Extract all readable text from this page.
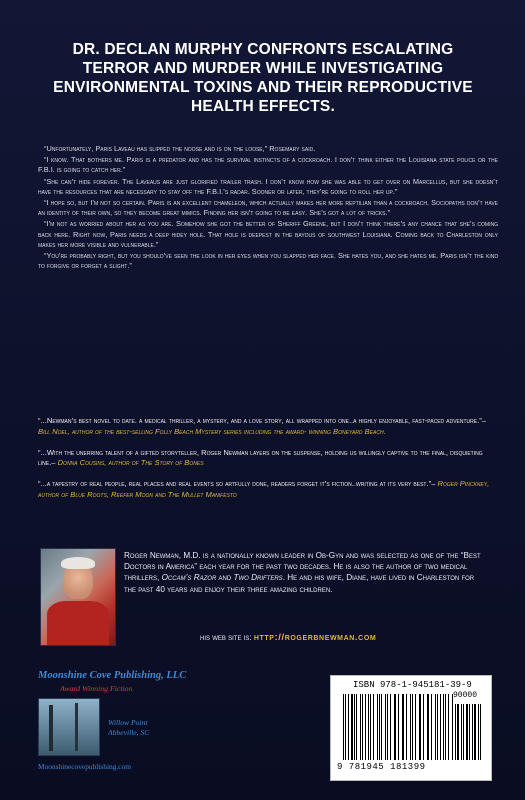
DR. DECLAN MURPHY CONFRONTS ESCALATING TERROR AND MURDER WHILE INVESTIGATING ENVIRONMENTAL TOXINS AND THEIR REPRODUCTIVE HEALTH EFFECTS.

“Unfortunately, Paris Laveau has slipped the noose and is on the loose,” Rosemary said.

“I know. That bothers me. Paris is a predator and has the survival instincts of a cockroach. I don’t think either the Louisiana state police or the F.B.I. is going to catch her.”

“She can’t hide forever. The Laveaus are just glorified trailer trash. I don’t know how she was able to get over on Marcellus, but she doesn’t have the resources that are necessary to stay off the F.B.I.’s radar. Sooner or later, they’re going to roll her up.”

“I hope so, but I’m not so certain. Paris is an excellent chameleon, which actually makes her more reptilian than a cockroach. Sociopaths don’t have an identity of their own, so they become great mimics. Finding her isn’t going to be easy. She’s got a lot of tricks.”

“I’m not as worried about her as you are. Somehow she got the better of Sheriff Greene, but I don’t think there’s any chance that she’s coming back here. Right now, Paris needs a deep hidey hole. That hole is deepest in the bayous of southwest Louisiana. Coming back to Charleston only makes her more visible and vulnerable.”

“You’re probably right, but you should’ve seen the look in her eyes when you slapped her face. She hates you, and she hates me. Paris isn’t the kind to forgive or forget a slight.”

“...Newman’s best novel to date. a medical thriller, a mystery, and a love story, all wrapped into one..a highly enjoyable, fast-paced adventure.”– Bill Noel, author of the best-selling Folly Beach Mystery series including the award- winning Boneyard Beach.
“...With the unerring talent of a gifted storyteller, Roger Newman layers on the suspense, holding us willingly captive to the final, disquieting line.– Donna Cousins, author of The Story of Bones
“...a tapestry of real people, real places and real events so artfully done, readers forget it’s fiction..writing at its very best.”– Roger Pinckney, author of Blue Roots, Reefer Moon and The Mullet Manifesto
Roger Newman, M.D. is a nationally known leader in Ob-Gyn and was selected as one of the “Best Doctors in America” each year for the past two decades. He is also the author of two medical thrillers, Occam’s Razor and Two Drifters. He and his wife, Diane, have lived in Charleston for the past 40 years and enjoy their three amazing children.
his web site is: http://rogerbnewman.com
Moonshine Cove Publishing, LLC
Award Winning Fiction
Willow Point
Abbeville, SC
Moonshinecovepublishing.com
ISBN 978-1-945181-39-9
90000
9 781945 181399
